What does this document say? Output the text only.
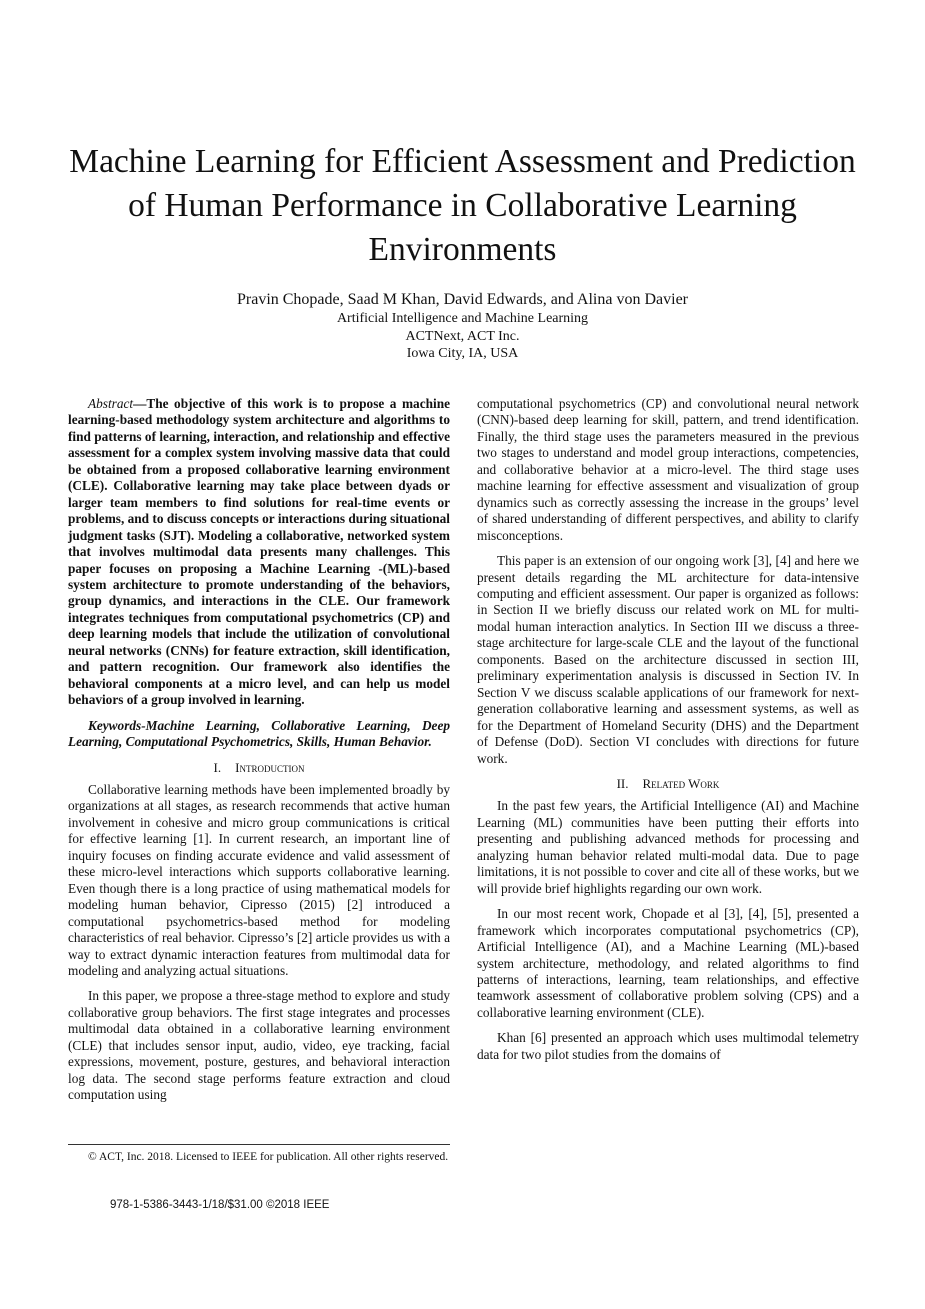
Machine Learning for Efficient Assessment and Prediction of Human Performance in Collaborative Learning Environments
Pravin Chopade, Saad M Khan, David Edwards, and Alina von Davier
Artificial Intelligence and Machine Learning
ACTNext, ACT Inc.
Iowa City, IA, USA

Abstract—The objective of this work is to propose a machine learning-based methodology system architecture and algorithms to find patterns of learning, interaction, and relationship and effective assessment for a complex system involving massive data that could be obtained from a proposed collaborative learning environment (CLE). Collaborative learning may take place between dyads or larger team members to find solutions for real-time events or problems, and to discuss concepts or interactions during situational judgment tasks (SJT). Modeling a collaborative, networked system that involves multimodal data presents many challenges. This paper focuses on proposing a Machine Learning -(ML)-based system architecture to promote understanding of the behaviors, group dynamics, and interactions in the CLE. Our framework integrates techniques from computational psychometrics (CP) and deep learning models that include the utilization of convolutional neural networks (CNNs) for feature extraction, skill identification, and pattern recognition. Our framework also identifies the behavioral components at a micro level, and can help us model behaviors of a group involved in learning.

Keywords-Machine Learning, Collaborative Learning, Deep Learning, Computational Psychometrics, Skills, Human Behavior.

I. Introduction

Collaborative learning methods have been implemented broadly by organizations at all stages, as research recommends that active human involvement in cohesive and micro group communications is critical for effective learning [1]. In current research, an important line of inquiry focuses on finding accurate evidence and valid assessment of these micro-level interactions which supports collaborative learning. Even though there is a long practice of using mathematical models for modeling human behavior, Cipresso (2015) [2] introduced a computational psychometrics-based method for modeling characteristics of real behavior. Cipresso’s [2] article provides us with a way to extract dynamic interaction features from multimodal data for modeling and analyzing actual situations.

In this paper, we propose a three-stage method to explore and study collaborative group behaviors. The first stage integrates and processes multimodal data obtained in a collaborative learning environment (CLE) that includes sensor input, audio, video, eye tracking, facial expressions, movement, posture, gestures, and behavioral interaction log data. The second stage performs feature extraction and cloud computation using

computational psychometrics (CP) and convolutional neural network (CNN)-based deep learning for skill, pattern, and trend identification. Finally, the third stage uses the parameters measured in the previous two stages to understand and model group interactions, competencies, and collaborative behavior at a micro-level. The third stage uses machine learning for effective assessment and visualization of group dynamics such as correctly assessing the increase in the groups’ level of shared understanding of different perspectives, and ability to clarify misconceptions.

This paper is an extension of our ongoing work [3], [4] and here we present details regarding the ML architecture for data-intensive computing and efficient assessment. Our paper is organized as follows: in Section II we briefly discuss our related work on ML for multi-modal human interaction analytics. In Section III we discuss a three-stage architecture for large-scale CLE and the layout of the functional components. Based on the architecture discussed in section III, preliminary experimentation analysis is discussed in Section IV. In Section V we discuss scalable applications of our framework for next-generation collaborative learning and assessment systems, as well as for the Department of Homeland Security (DHS) and the Department of Defense (DoD). Section VI concludes with directions for future work.

II. Related Work

In the past few years, the Artificial Intelligence (AI) and Machine Learning (ML) communities have been putting their efforts into presenting and publishing advanced methods for processing and analyzing human behavior related multi-modal data. Due to page limitations, it is not possible to cover and cite all of these works, but we will provide brief highlights regarding our own work.

In our most recent work, Chopade et al [3], [4], [5], presented a framework which incorporates computational psychometrics (CP), Artificial Intelligence (AI), and a Machine Learning (ML)-based system architecture, methodology, and related algorithms to find patterns of interactions, learning, team relationships, and effective teamwork assessment of collaborative problem solving (CPS) and a collaborative learning environment (CLE).

Khan [6] presented an approach which uses multimodal telemetry data for two pilot studies from the domains of

© ACT, Inc. 2018. Licensed to IEEE for publication. All other rights reserved.
978-1-5386-3443-1/18/$31.00 ©2018 IEEE
